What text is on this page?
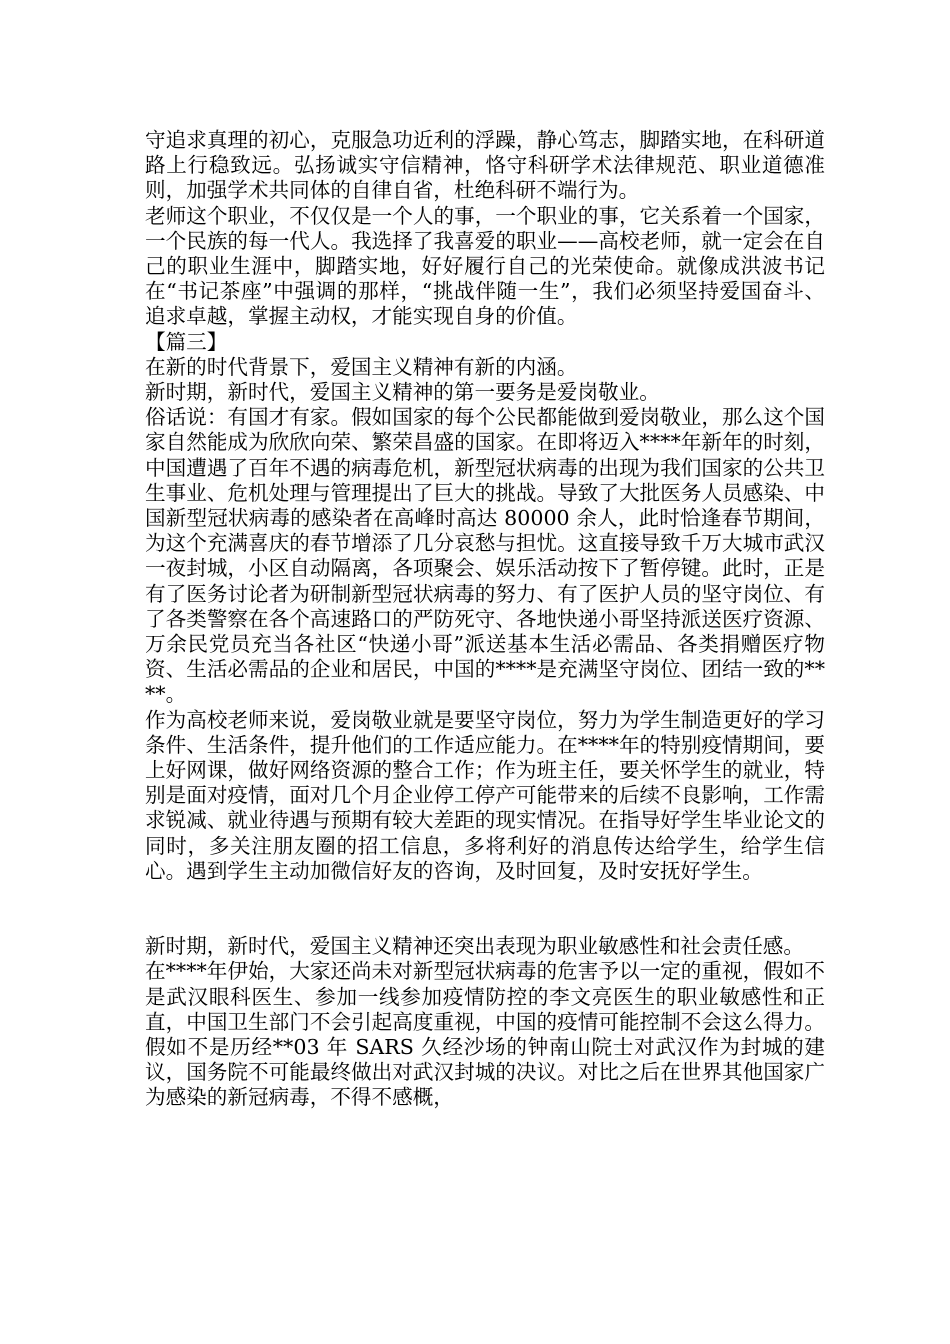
守追求真理的初心，克服急功近利的浮躁，静心笃志，脚踏实地，在科研道路上行稳致远。弘扬诚实守信精神，恪守科研学术法律规范、职业道德准则，加强学术共同体的自律自省，杜绝科研不端行为。

老师这个职业，不仅仅是一个人的事，一个职业的事，它关系着一个国家，一个民族的每一代人。我选择了我喜爱的职业——高校老师，就一定会在自己的职业生涯中，脚踏实地，好好履行自己的光荣使命。就像成洪波书记在“书记茶座”中强调的那样，“挑战伴随一生”，我们必须坚持爱国奋斗、追求卓越，掌握主动权，才能实现自身的价值。

【篇三】

在新的时代背景下，爱国主义精神有新的内涵。

新时期，新时代，爱国主义精神的第一要务是爱岗敬业。

俗话说：有国才有家。假如国家的每个公民都能做到爱岗敬业，那么这个国家自然能成为欣欣向荣、繁荣昌盛的国家。在即将迈入****年新年的时刻，中国遭遇了百年不遇的病毒危机，新型冠状病毒的出现为我们国家的公共卫生事业、危机处理与管理提出了巨大的挑战。导致了大批医务人员感染、中国新型冠状病毒的感染者在高峰时高达 80000 余人，此时恰逢春节期间，为这个充满喜庆的春节增添了几分哀愁与担忧。这直接导致千万大城市武汉一夜封城，小区自动隔离，各项聚会、娱乐活动按下了暂停键。此时，正是有了医务讨论者为研制新型冠状病毒的努力、有了医护人员的坚守岗位、有了各类警察在各个高速路口的严防死守、各地快递小哥坚持派送医疗资源、万余民党员充当各社区“快递小哥”派送基本生活必需品、各类捐赠医疗物资、生活必需品的企业和居民，中国的****是充满坚守岗位、团结一致的****。

作为高校老师来说，爱岗敬业就是要坚守岗位，努力为学生制造更好的学习条件、生活条件，提升他们的工作适应能力。在****年的特别疫情期间，要上好网课，做好网络资源的整合工作；作为班主任，要关怀学生的就业，特别是面对疫情，面对几个月企业停工停产可能带来的后续不良影响，工作需求锐减、就业待遇与预期有较大差距的现实情况。在指导好学生毕业论文的同时，多关注朋友圈的招工信息，多将利好的消息传达给学生，给学生信心。遇到学生主动加微信好友的咨询，及时回复，及时安抚好学生。

新时期，新时代，爱国主义精神还突出表现为职业敏感性和社会责任感。

在****年伊始，大家还尚未对新型冠状病毒的危害予以一定的重视，假如不是武汉眼科医生、参加一线参加疫情防控的李文亮医生的职业敏感性和正直，中国卫生部门不会引起高度重视，中国的疫情可能控制不会这么得力。假如不是历经**03 年 SARS 久经沙场的钟南山院士对武汉作为封城的建议，国务院不可能最终做出对武汉封城的决议。对比之后在世界其他国家广为感染的新冠病毒，不得不感概，
